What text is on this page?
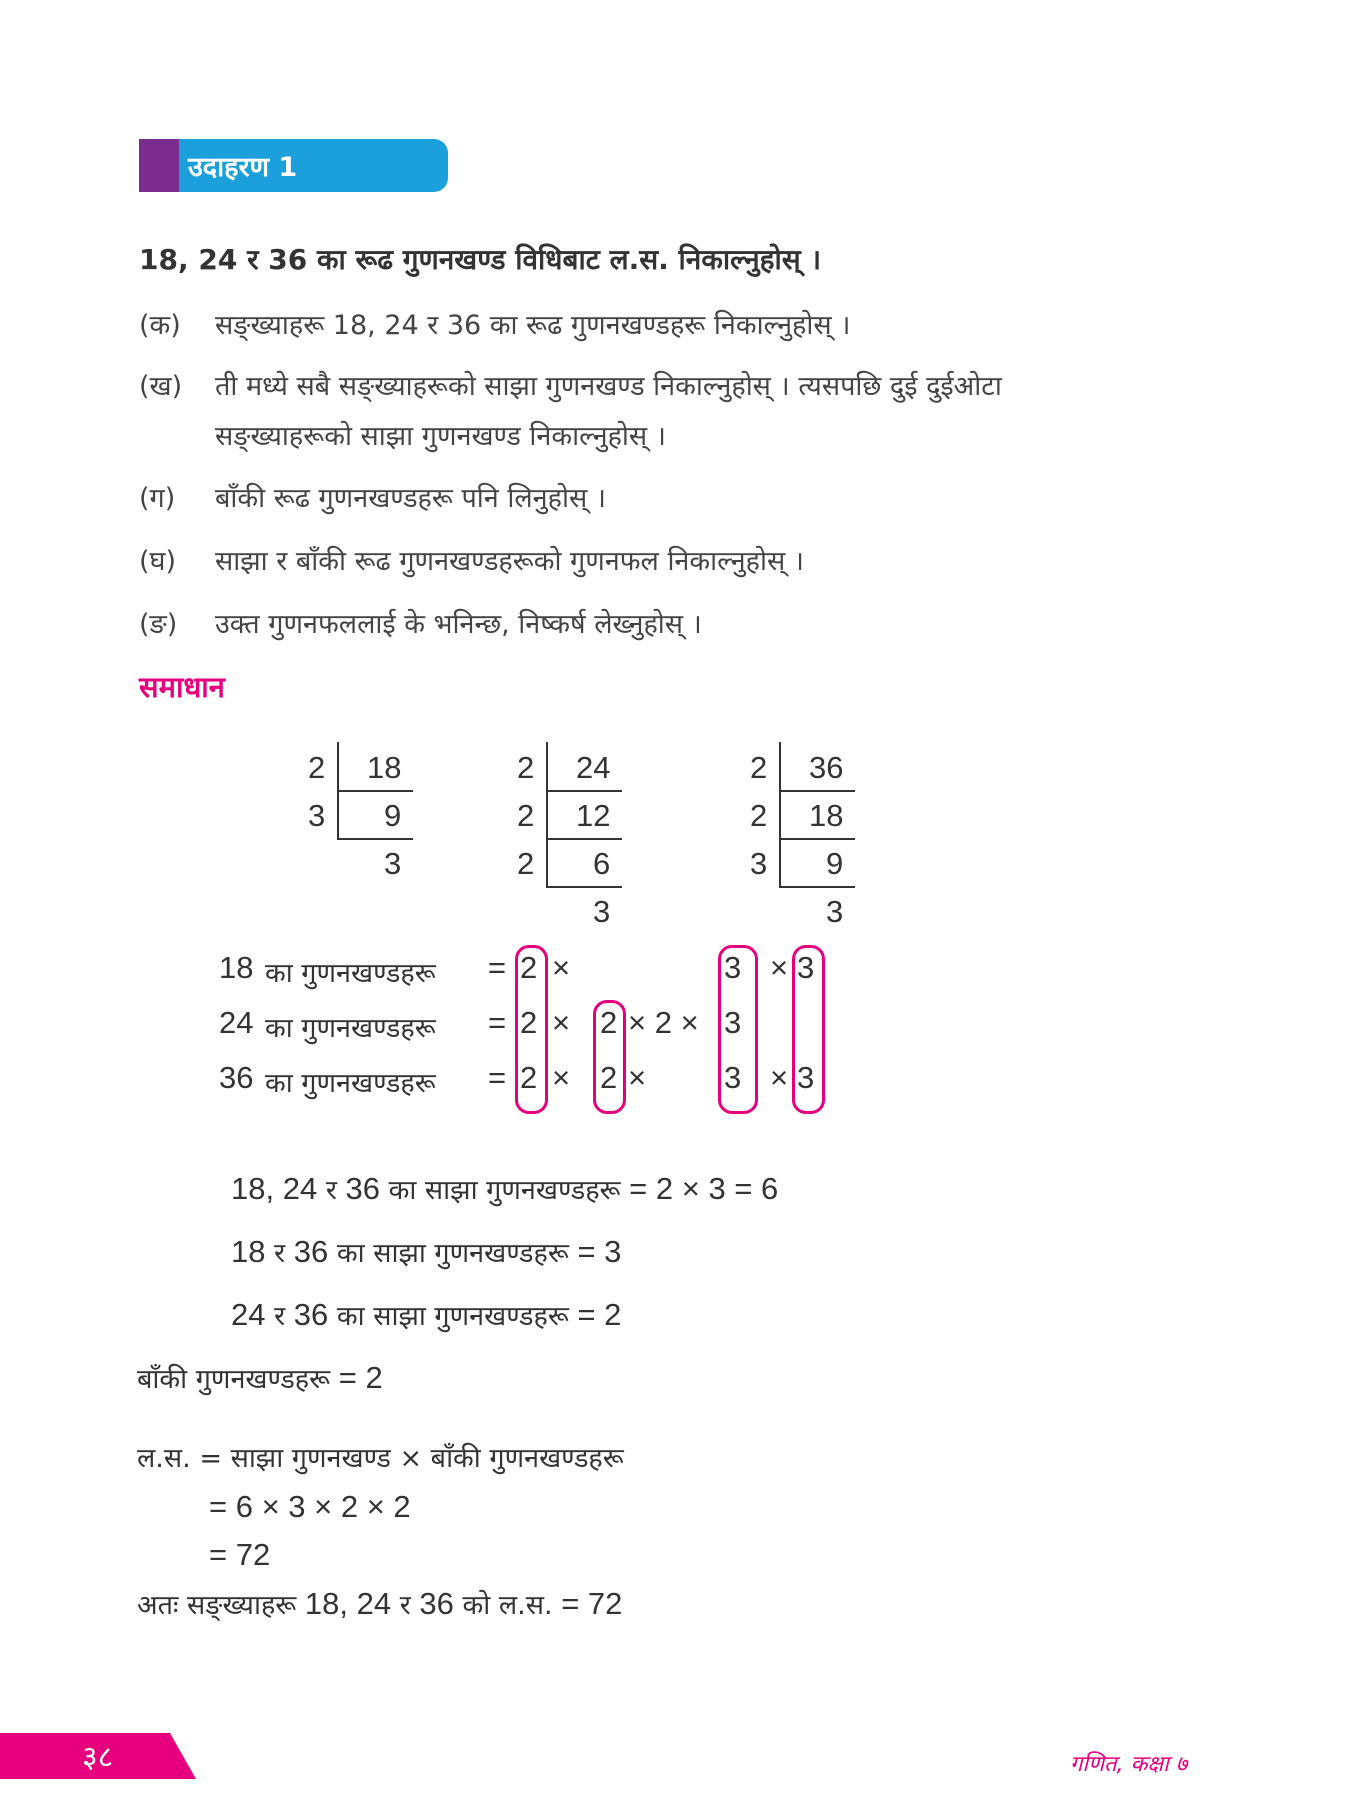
उदाहरण 1
18, 24 र 36 का रूढ गुणनखण्ड विधिबाट ल.स. निकाल्नुहोस् ।
(क) सङ्ख्याहरू 18, 24 र 36 का रूढ गुणनखण्डहरू निकाल्नुहोस् ।
(ख) ती मध्ये सबै सङ्ख्याहरूको साझा गुणनखण्ड निकाल्नुहोस् । त्यसपछि दुई दुईओटा
सङ्ख्याहरूको साझा गुणनखण्ड निकाल्नुहोस् ।
(ग) बाँकी रूढ गुणनखण्डहरू पनि लिनुहोस् ।
(घ) साझा र बाँकी रूढ गुणनखण्डहरूको गुणनफल निकाल्नुहोस् ।
(ङ) उक्त गुणनफललाई के भनिन्छ, निष्कर्ष लेख्नुहोस् ।
समाधान
2 18
3 9
3
2 24
2 12
2 6
3
2 36
2 18
3 9
3
18 का गुणनखण्डहरू = 2 ×	3 × 3
24 का गुणनखण्डहरू = 2 × 2 × 2 × 3
36 का गुणनखण्डहरू = 2 × 2 ×	3 × 3
18, 24 र 36 का साझा गुणनखण्डहरू = 2 × 3 = 6
18 र 36 का साझा गुणनखण्डहरू = 3
24 र 36 का साझा गुणनखण्डहरू = 2
बाँकी गुणनखण्डहरू = 2
ल.स. = साझा गुणनखण्ड × बाँकी गुणनखण्डहरू
= 6 × 3 × 2 × 2
= 72
अतः सङ्ख्याहरू 18, 24 र 36 को ल.स. = 72
३८	गणित, कक्षा ७
